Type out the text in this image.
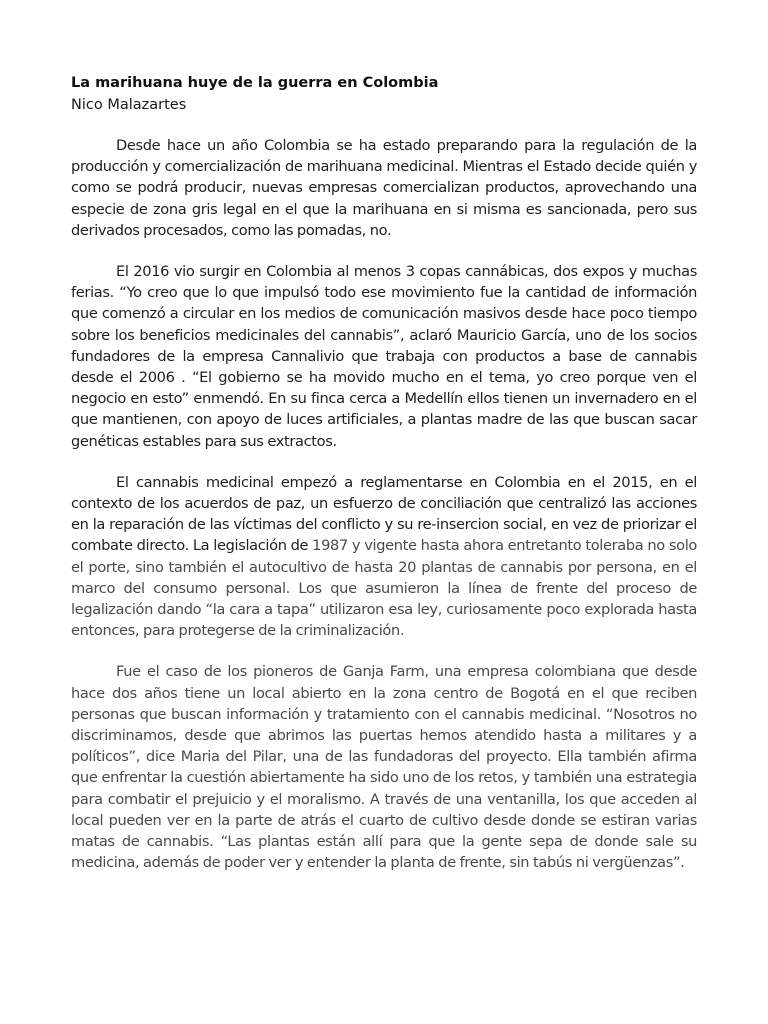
La marihuana huye de la guerra en Colombia

Nico Malazartes

Desde hace un año Colombia se ha estado preparando para la regulación de la producción y comercialización de marihuana medicinal. Mientras el Estado decide quién y como se podrá producir, nuevas empresas comercializan productos, aprovechando una especie de zona gris legal en el que la marihuana en si misma es sancionada, pero sus derivados procesados, como las pomadas, no.

El 2016 vio surgir en Colombia al menos 3 copas cannábicas, dos expos y muchas ferias. “Yo creo que lo que impulsó todo ese movimiento fue la cantidad de información que comenzó a circular en los medios de comunicación masivos desde hace poco tiempo sobre los beneficios medicinales del cannabis”, aclaró Mauricio García, uno de los socios fundadores de la empresa Cannalivio que trabaja con productos a base de cannabis desde el 2006 . “El gobierno se ha movido mucho en el tema, yo creo porque ven el negocio en esto” enmendó. En su finca cerca a Medellín ellos tienen un invernadero en el que mantienen, con apoyo de luces artificiales, a plantas madre de las que buscan sacar genéticas estables para sus extractos.

El cannabis medicinal empezó a reglamentarse en Colombia en el 2015, en el contexto de los acuerdos de paz, un esfuerzo de conciliación que centralizó las acciones en la reparación de las víctimas del conflicto y su re-insercion social, en vez de priorizar el combate directo. La legislación de 1987 y vigente hasta ahora entretanto toleraba no solo el porte, sino también el autocultivo de hasta 20 plantas de cannabis por persona, en el marco del consumo personal. Los que asumieron la línea de frente del proceso de legalización dando “la cara a tapa” utilizaron esa ley, curiosamente poco explorada hasta entonces, para protegerse de la criminalización.

Fue el caso de los pioneros de Ganja Farm, una empresa colombiana que desde hace dos años tiene un local abierto en la zona centro de Bogotá en el que reciben personas que buscan información y tratamiento con el cannabis medicinal. “Nosotros no discriminamos, desde que abrimos las puertas hemos atendido hasta a militares y a políticos”, dice Maria del Pilar, una de las fundadoras del proyecto. Ella también afirma que enfrentar la cuestión abiertamente ha sido uno de los retos, y también una estrategia para combatir el prejuicio y el moralismo. A través de una ventanilla, los que acceden al local pueden ver en la parte de atrás el cuarto de cultivo desde donde se estiran varias matas de cannabis. “Las plantas están allí para que la gente sepa de donde sale su medicina, además de poder ver y entender la planta de frente, sin tabús ni vergüenzas”.
